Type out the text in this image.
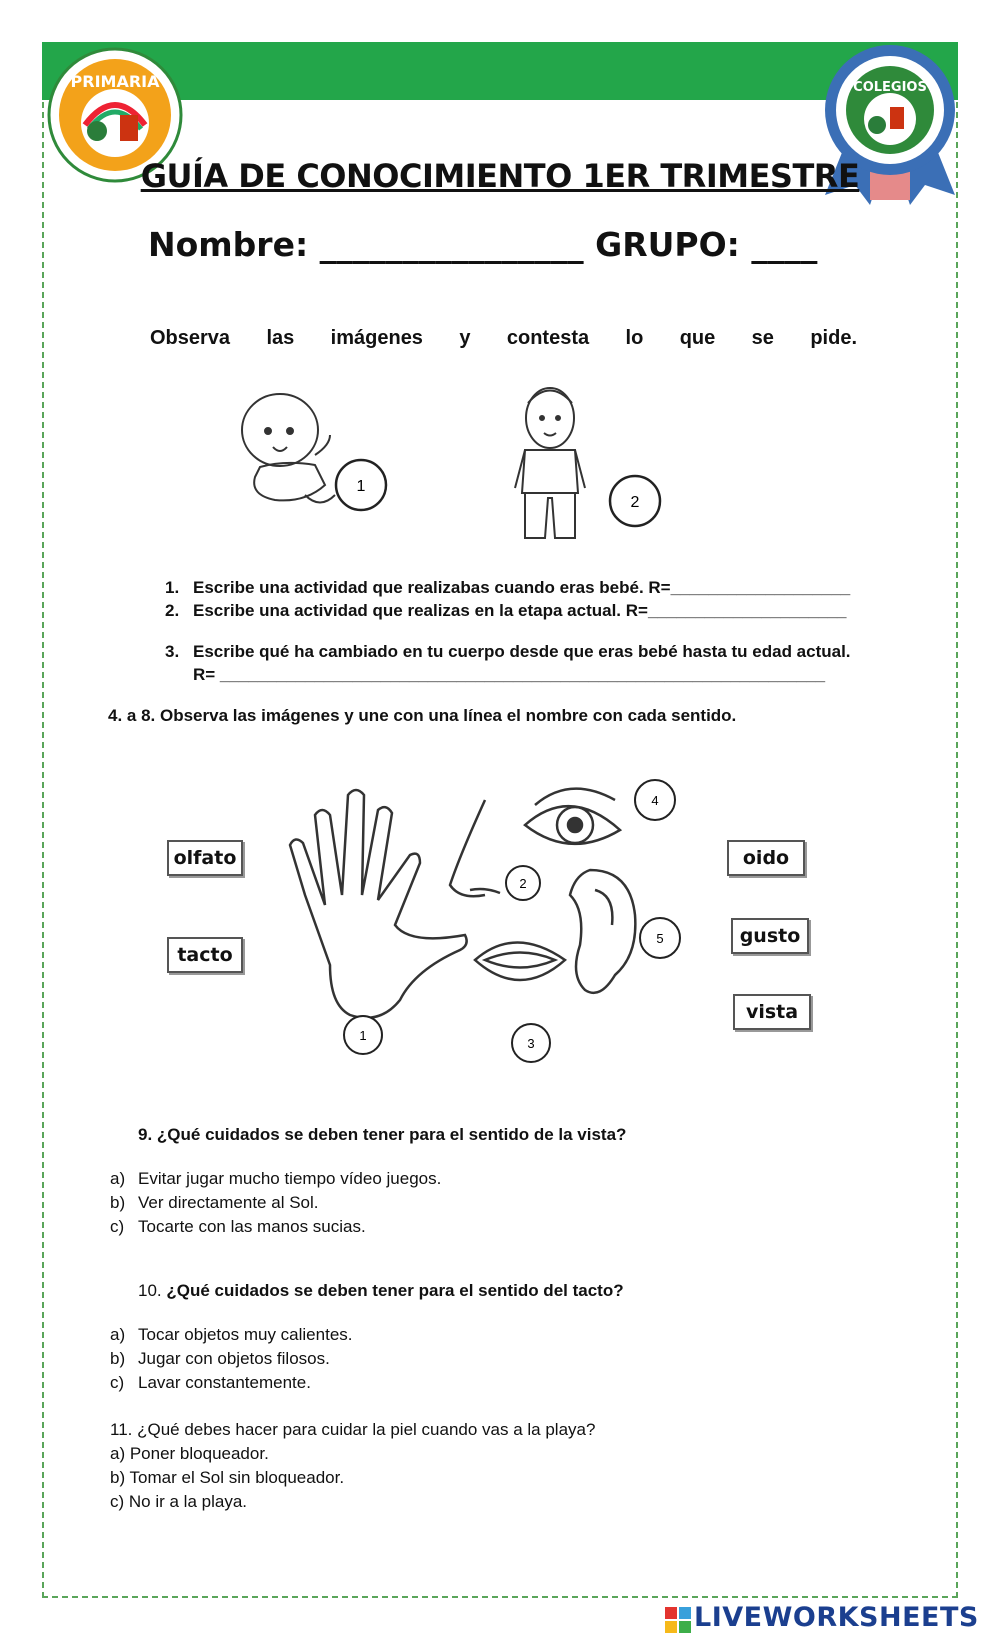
PRIMARIA	COLEGIOS
GUÍA DE CONOCIMIENTO 1ER TRIMESTRE
Nombre: ________________ GRUPO: ____
Observa las imágenes y contesta lo que se pide.
1
2
1. Escribe una actividad que realizabas cuando eras bebé. R=___________________
2. Escribe una actividad que realizas en la etapa actual. R=_____________________
3. Escribe qué ha cambiado en tu cuerpo desde que eras bebé hasta tu edad actual.
R= ________________________________________________________________
4. a 8. Observa las imágenes y une con una línea el nombre con cada sentido.
2
4
5
1
3
olfato
tacto
oido
gusto
vista
9. ¿Qué cuidados se deben tener para el sentido de la vista?
a) Evitar jugar mucho tiempo vídeo juegos.
b) Ver directamente al Sol.
c) Tocarte con las manos sucias.
10. ¿Qué cuidados se deben tener para el sentido del tacto?
a) Tocar objetos muy calientes.
b) Jugar con objetos filosos.
c) Lavar constantemente.
11. ¿Qué debes hacer para cuidar la piel cuando vas a la playa?
a) Poner bloqueador.
b) Tomar el Sol sin bloqueador.
c) No ir a la playa.
LIVEWORKSHEETS
